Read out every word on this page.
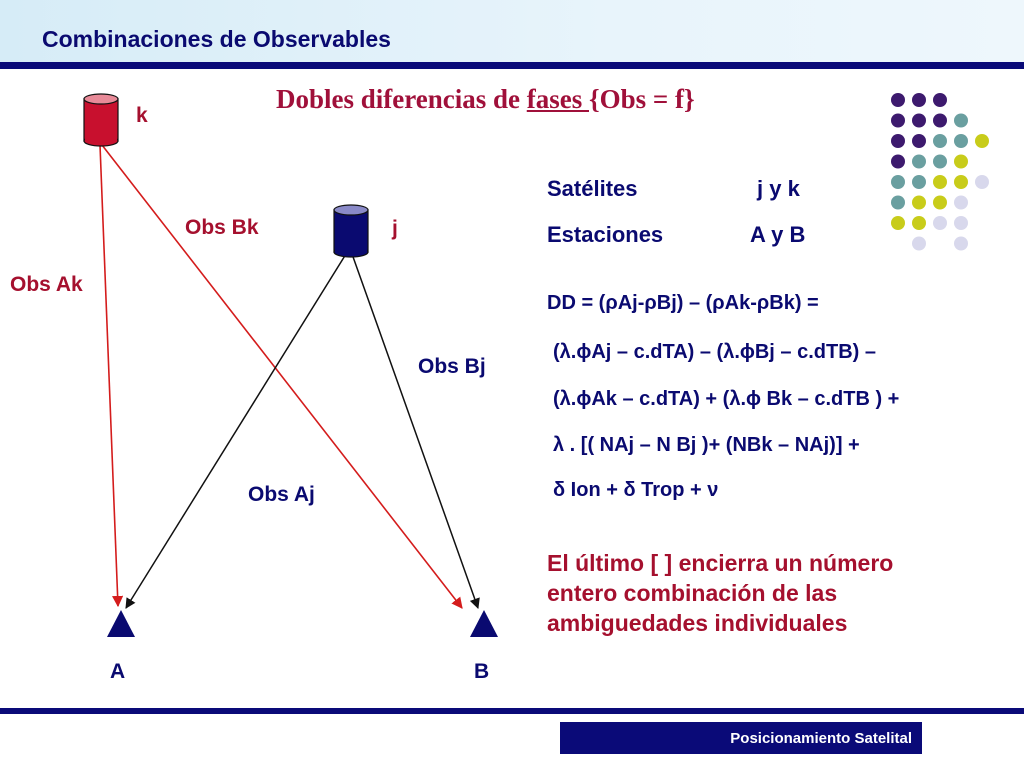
Combinaciones de Observables
Dobles diferencias de fases {Obs = f}
k
j
A	B
Obs Ak
Obs Bk
Obs Bj
Obs Aj
Satélites	j y k
Estaciones	A y B
DD = (ρAj-ρBj) – (ρAk-ρBk) =
(λ.ϕAj – c.dTA) – (λ.ϕBj – c.dTB) –
(λ.ϕAk – c.dTA) + (λ.ϕ Bk – c.dTB ) +
λ . [( NAj – N Bj )+ (NBk – NAj)] +
δ Ion + δ Trop + ν
El último [ ] encierra un número entero combinación de las ambiguedades individuales
Posicionamiento Satelital
